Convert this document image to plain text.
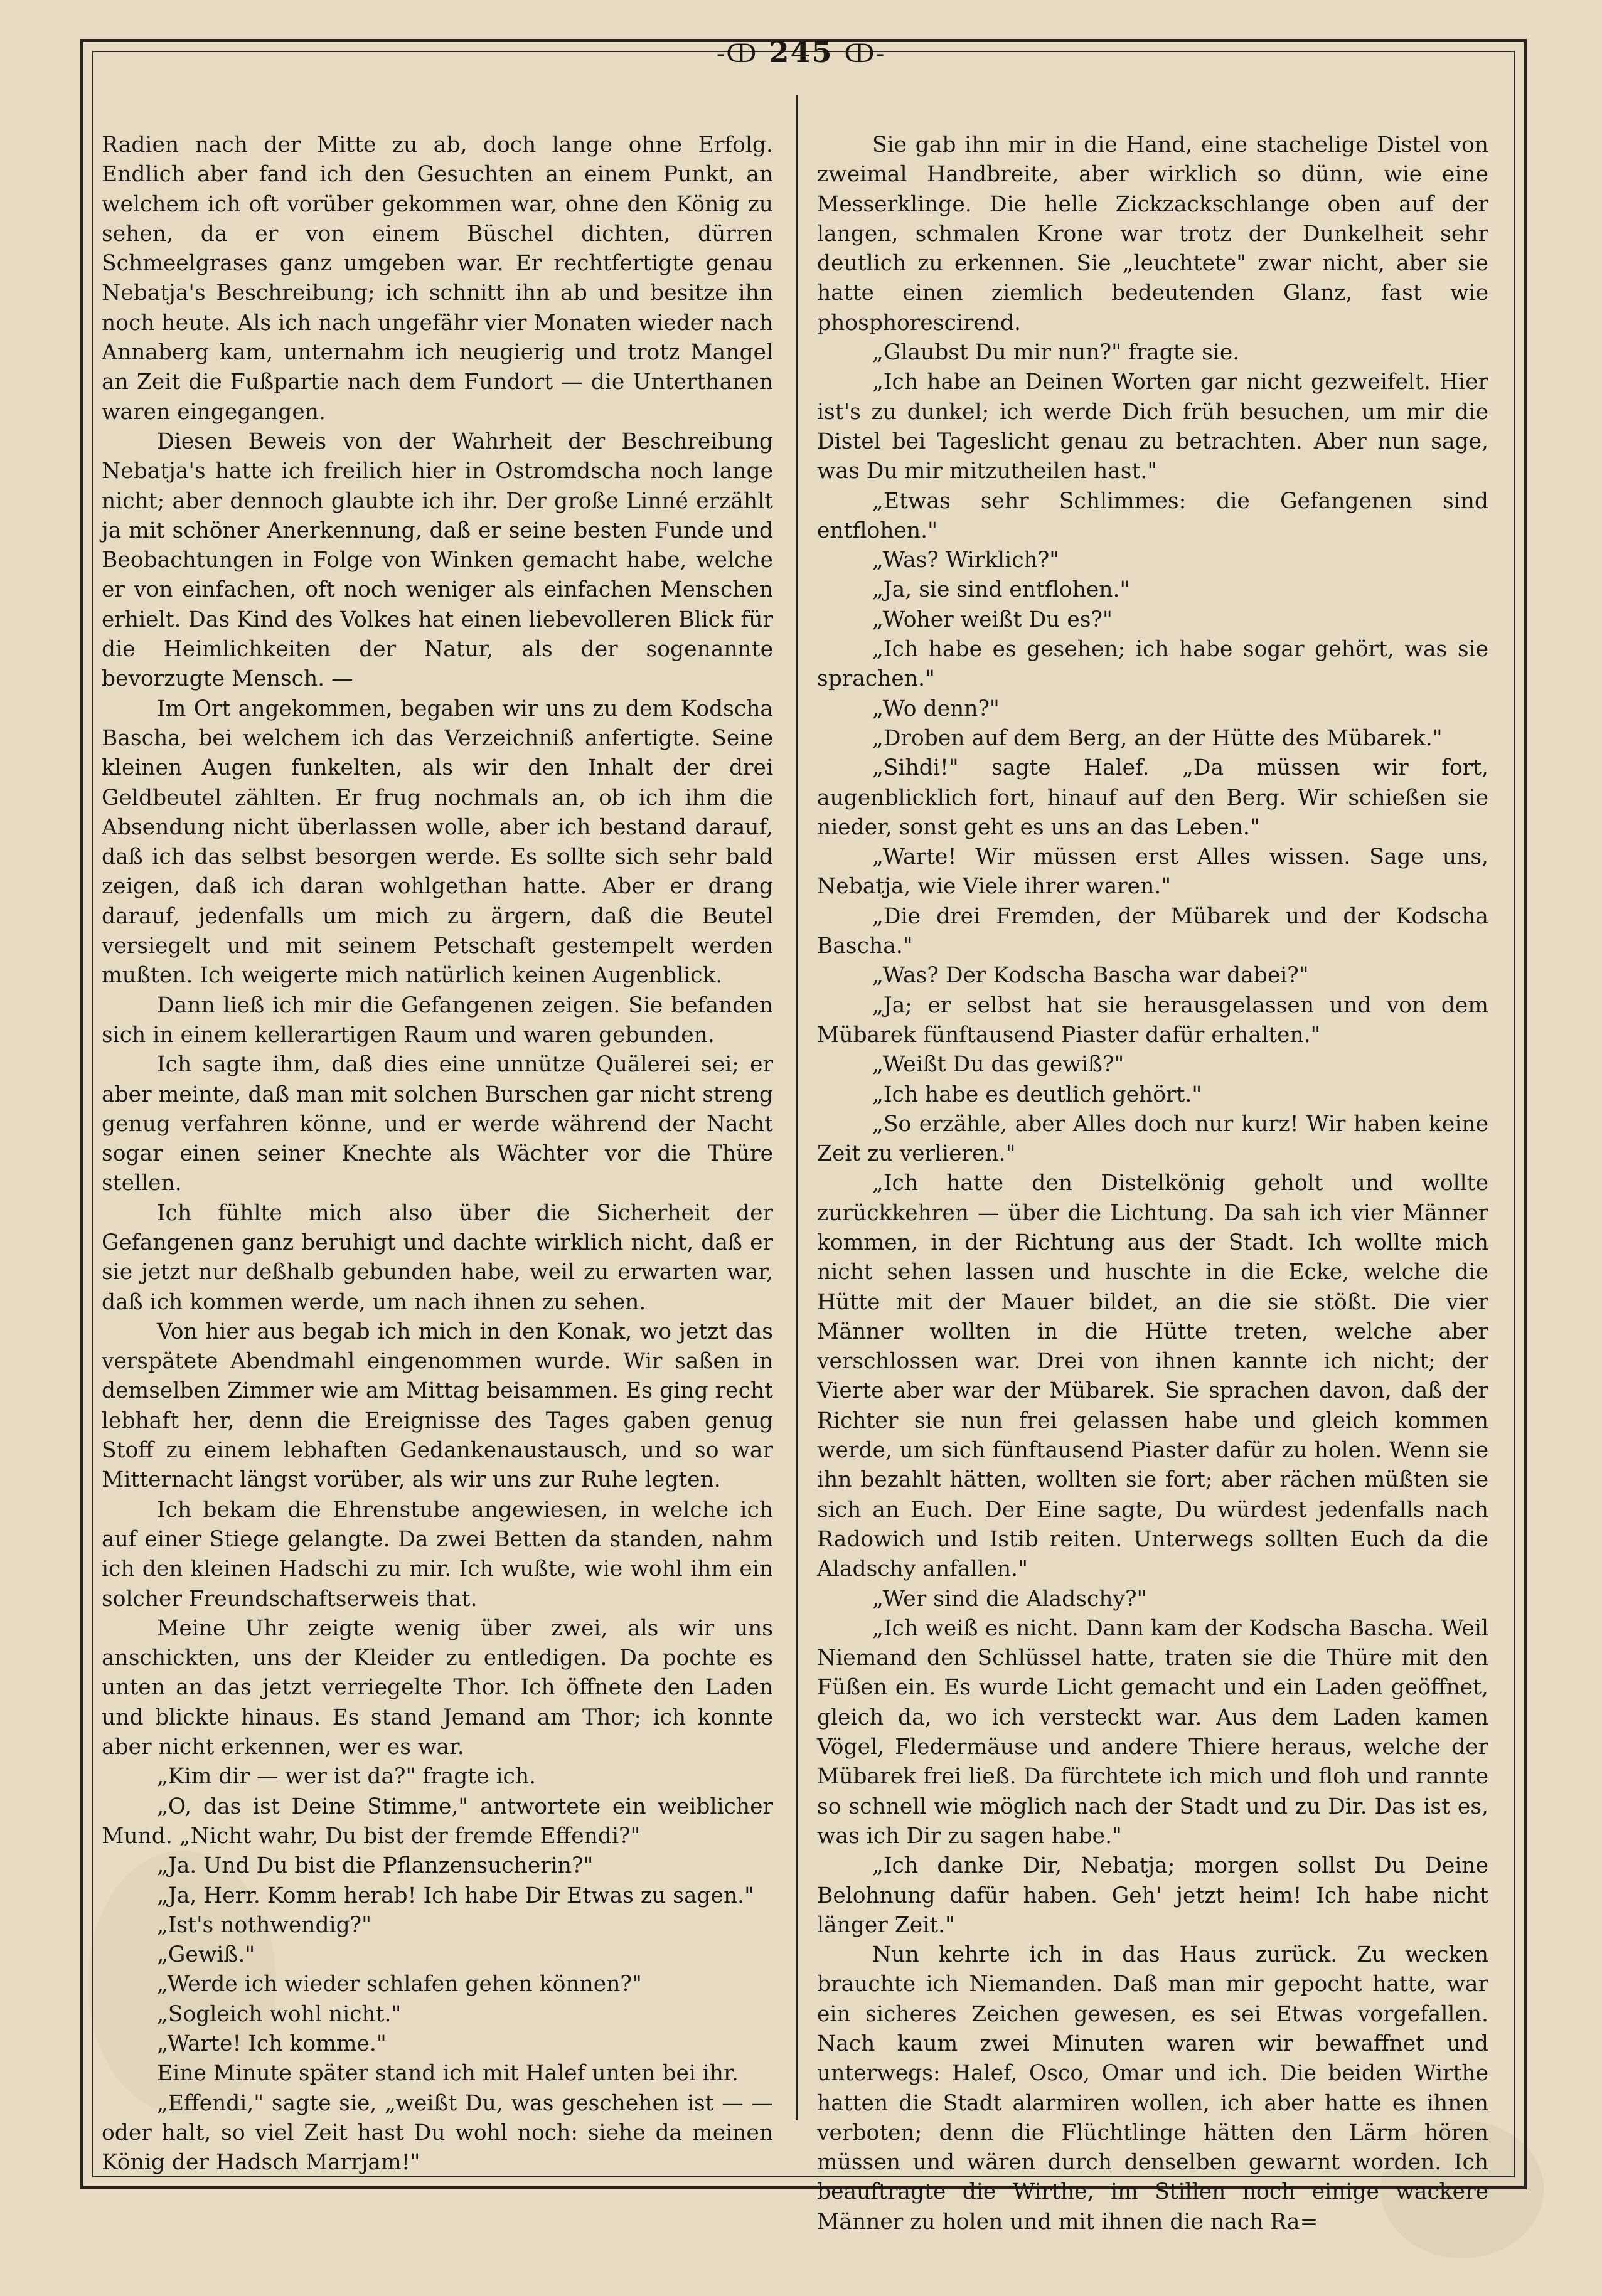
-ↀ 245 ↀ-

Radien nach der Mitte zu ab, doch lange ohne Erfolg. Endlich aber fand ich den Gesuchten an einem Punkt, an welchem ich oft vorüber gekommen war, ohne den König zu sehen, da er von einem Büschel dichten, dürren Schmeelgrases ganz umgeben war. Er rechtfertigte genau Nebatja's Beschreibung; ich schnitt ihn ab und besitze ihn noch heute. Als ich nach ungefähr vier Monaten wieder nach Annaberg kam, unternahm ich neugierig und trotz Mangel an Zeit die Fußpartie nach dem Fundort — die Unterthanen waren eingegangen.

Diesen Beweis von der Wahrheit der Beschreibung Nebatja's hatte ich freilich hier in Ostromdscha noch lange nicht; aber dennoch glaubte ich ihr. Der große Linné erzählt ja mit schöner Anerkennung, daß er seine besten Funde und Beobachtungen in Folge von Winken gemacht habe, welche er von einfachen, oft noch weniger als einfachen Menschen erhielt. Das Kind des Volkes hat einen liebevolleren Blick für die Heimlichkeiten der Natur, als der sogenannte bevorzugte Mensch. —

Im Ort angekommen, begaben wir uns zu dem Kodscha Bascha, bei welchem ich das Verzeichniß anfertigte. Seine kleinen Augen funkelten, als wir den Inhalt der drei Geldbeutel zählten. Er frug nochmals an, ob ich ihm die Absendung nicht überlassen wolle, aber ich bestand darauf, daß ich das selbst besorgen werde. Es sollte sich sehr bald zeigen, daß ich daran wohlgethan hatte. Aber er drang darauf, jedenfalls um mich zu ärgern, daß die Beutel versiegelt und mit seinem Petschaft gestempelt werden mußten. Ich weigerte mich natürlich keinen Augenblick.

Dann ließ ich mir die Gefangenen zeigen. Sie befanden sich in einem kellerartigen Raum und waren gebunden.

Ich sagte ihm, daß dies eine unnütze Quälerei sei; er aber meinte, daß man mit solchen Burschen gar nicht streng genug verfahren könne, und er werde während der Nacht sogar einen seiner Knechte als Wächter vor die Thüre stellen.

Ich fühlte mich also über die Sicherheit der Gefangenen ganz beruhigt und dachte wirklich nicht, daß er sie jetzt nur deßhalb gebunden habe, weil zu erwarten war, daß ich kommen werde, um nach ihnen zu sehen.

Von hier aus begab ich mich in den Konak, wo jetzt das verspätete Abendmahl eingenommen wurde. Wir saßen in demselben Zimmer wie am Mittag beisammen. Es ging recht lebhaft her, denn die Ereignisse des Tages gaben genug Stoff zu einem lebhaften Gedankenaustausch, und so war Mitternacht längst vorüber, als wir uns zur Ruhe legten.

Ich bekam die Ehrenstube angewiesen, in welche ich auf einer Stiege gelangte. Da zwei Betten da standen, nahm ich den kleinen Hadschi zu mir. Ich wußte, wie wohl ihm ein solcher Freundschaftserweis that.

Meine Uhr zeigte wenig über zwei, als wir uns anschickten, uns der Kleider zu entledigen. Da pochte es unten an das jetzt verriegelte Thor. Ich öffnete den Laden und blickte hinaus. Es stand Jemand am Thor; ich konnte aber nicht erkennen, wer es war.

„Kim dir — wer ist da?" fragte ich.

„O, das ist Deine Stimme," antwortete ein weiblicher Mund. „Nicht wahr, Du bist der fremde Effendi?"

„Ja. Und Du bist die Pflanzensucherin?"

„Ja, Herr. Komm herab! Ich habe Dir Etwas zu sagen."

„Ist's nothwendig?"

„Gewiß."

„Werde ich wieder schlafen gehen können?"

„Sogleich wohl nicht."

„Warte! Ich komme."

Eine Minute später stand ich mit Halef unten bei ihr.

„Effendi," sagte sie, „weißt Du, was geschehen ist — — oder halt, so viel Zeit hast Du wohl noch: siehe da meinen König der Hadsch Marrjam!"

Sie gab ihn mir in die Hand, eine stachelige Distel von zweimal Handbreite, aber wirklich so dünn, wie eine Messerklinge. Die helle Zickzackschlange oben auf der langen, schmalen Krone war trotz der Dunkelheit sehr deutlich zu erkennen. Sie „leuchtete" zwar nicht, aber sie hatte einen ziemlich bedeutenden Glanz, fast wie phosphorescirend.

„Glaubst Du mir nun?" fragte sie.

„Ich habe an Deinen Worten gar nicht gezweifelt. Hier ist's zu dunkel; ich werde Dich früh besuchen, um mir die Distel bei Tageslicht genau zu betrachten. Aber nun sage, was Du mir mitzutheilen hast."

„Etwas sehr Schlimmes: die Gefangenen sind entflohen."

„Was? Wirklich?"

„Ja, sie sind entflohen."

„Woher weißt Du es?"

„Ich habe es gesehen; ich habe sogar gehört, was sie sprachen."

„Wo denn?"

„Droben auf dem Berg, an der Hütte des Mübarek."

„Sihdi!" sagte Halef. „Da müssen wir fort, augenblicklich fort, hinauf auf den Berg. Wir schießen sie nieder, sonst geht es uns an das Leben."

„Warte! Wir müssen erst Alles wissen. Sage uns, Nebatja, wie Viele ihrer waren."

„Die drei Fremden, der Mübarek und der Kodscha Bascha."

„Was? Der Kodscha Bascha war dabei?"

„Ja; er selbst hat sie herausgelassen und von dem Mübarek fünftausend Piaster dafür erhalten."

„Weißt Du das gewiß?"

„Ich habe es deutlich gehört."

„So erzähle, aber Alles doch nur kurz! Wir haben keine Zeit zu verlieren."

„Ich hatte den Distelkönig geholt und wollte zurückkehren — über die Lichtung. Da sah ich vier Männer kommen, in der Richtung aus der Stadt. Ich wollte mich nicht sehen lassen und huschte in die Ecke, welche die Hütte mit der Mauer bildet, an die sie stößt. Die vier Männer wollten in die Hütte treten, welche aber verschlossen war. Drei von ihnen kannte ich nicht; der Vierte aber war der Mübarek. Sie sprachen davon, daß der Richter sie nun frei gelassen habe und gleich kommen werde, um sich fünftausend Piaster dafür zu holen. Wenn sie ihn bezahlt hätten, wollten sie fort; aber rächen müßten sie sich an Euch. Der Eine sagte, Du würdest jedenfalls nach Radowich und Istib reiten. Unterwegs sollten Euch da die Aladschy anfallen."

„Wer sind die Aladschy?"

„Ich weiß es nicht. Dann kam der Kodscha Bascha. Weil Niemand den Schlüssel hatte, traten sie die Thüre mit den Füßen ein. Es wurde Licht gemacht und ein Laden geöffnet, gleich da, wo ich versteckt war. Aus dem Laden kamen Vögel, Fledermäuse und andere Thiere heraus, welche der Mübarek frei ließ. Da fürchtete ich mich und floh und rannte so schnell wie möglich nach der Stadt und zu Dir. Das ist es, was ich Dir zu sagen habe."

„Ich danke Dir, Nebatja; morgen sollst Du Deine Belohnung dafür haben. Geh' jetzt heim! Ich habe nicht länger Zeit."

Nun kehrte ich in das Haus zurück. Zu wecken brauchte ich Niemanden. Daß man mir gepocht hatte, war ein sicheres Zeichen gewesen, es sei Etwas vorgefallen. Nach kaum zwei Minuten waren wir bewaffnet und unterwegs: Halef, Osco, Omar und ich. Die beiden Wirthe hatten die Stadt alarmiren wollen, ich aber hatte es ihnen verboten; denn die Flüchtlinge hätten den Lärm hören müssen und wären durch denselben gewarnt worden. Ich beauftragte die Wirthe, im Stillen noch einige wackere Männer zu holen und mit ihnen die nach Ra=
